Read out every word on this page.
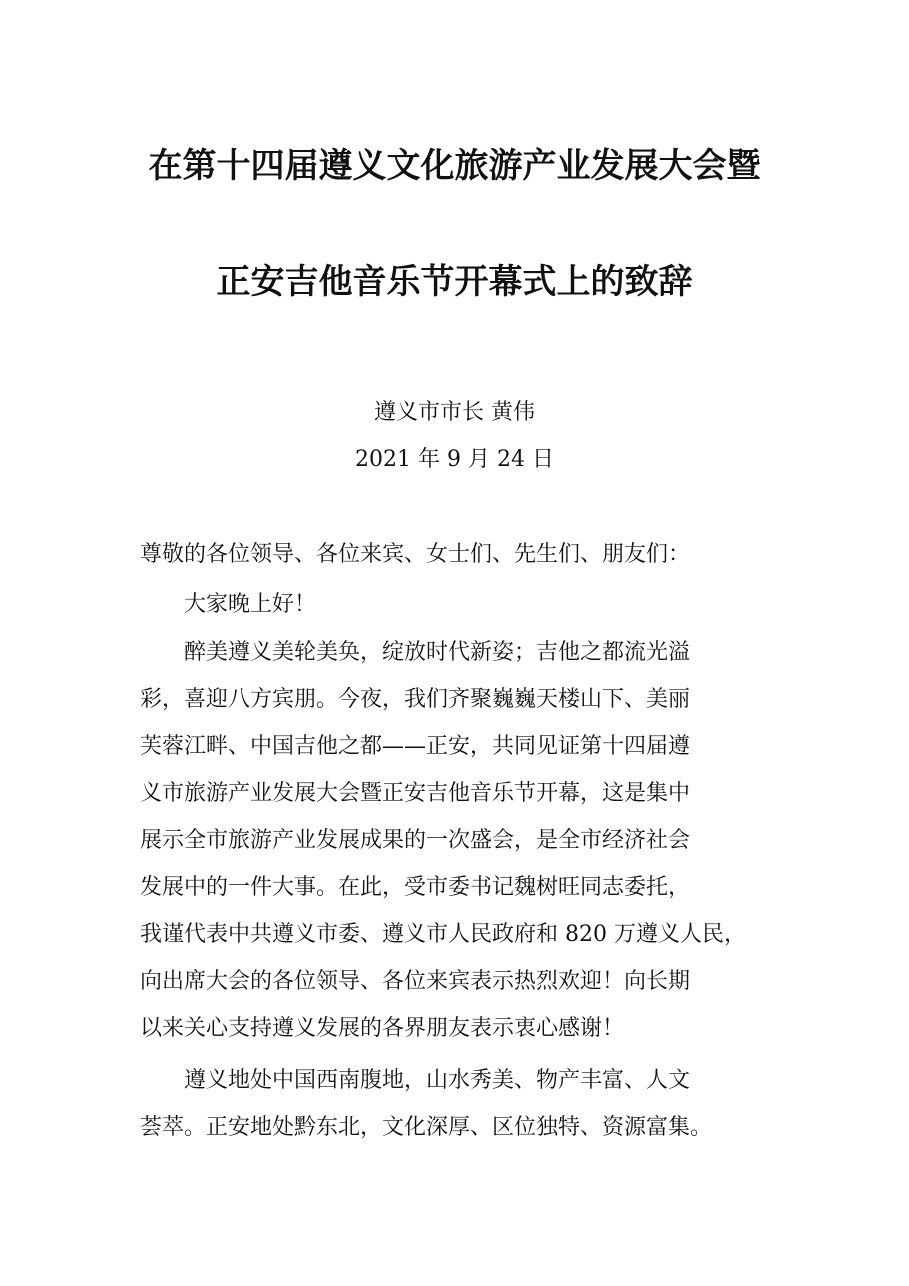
在第十四届遵义文化旅游产业发展大会暨
正安吉他音乐节开幕式上的致辞
遵义市市长 黄伟
2021 年 9 月 24 日
尊敬的各位领导、各位来宾、女士们、先生们、朋友们：
　　大家晚上好！
　　醉美遵义美轮美奂，绽放时代新姿；吉他之都流光溢
彩，喜迎八方宾朋。今夜，我们齐聚巍巍天楼山下、美丽
芙蓉江畔、中国吉他之都——正安，共同见证第十四届遵
义市旅游产业发展大会暨正安吉他音乐节开幕，这是集中
展示全市旅游产业发展成果的一次盛会，是全市经济社会
发展中的一件大事。在此，受市委书记魏树旺同志委托，
我谨代表中共遵义市委、遵义市人民政府和 820 万遵义人民，
向出席大会的各位领导、各位来宾表示热烈欢迎！向长期
以来关心支持遵义发展的各界朋友表示衷心感谢！
　　遵义地处中国西南腹地，山水秀美、物产丰富、人文
荟萃。正安地处黔东北，文化深厚、区位独特、资源富集。
